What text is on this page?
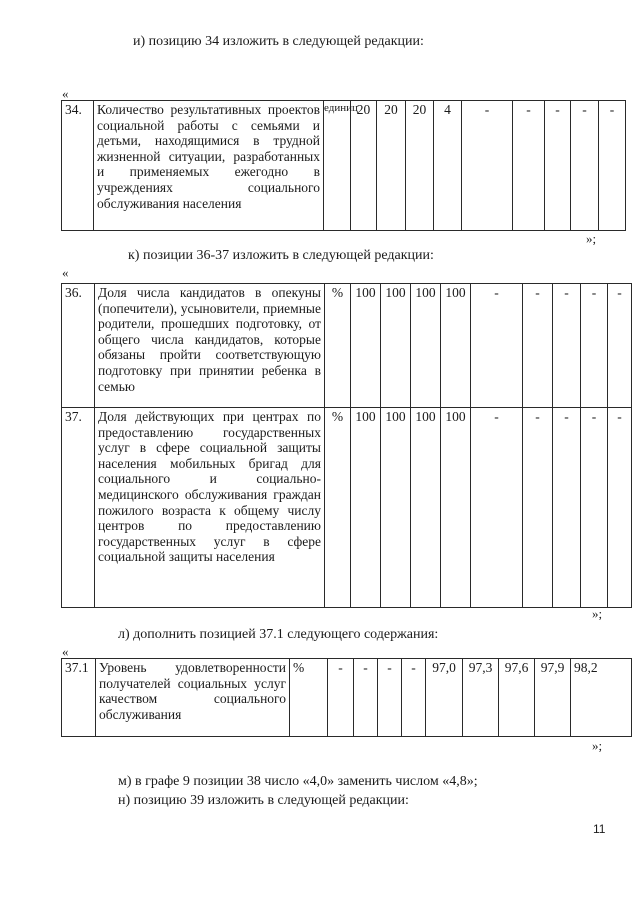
и) позицию 34 изложить в следующей редакции:
«
34.	Количество результативных проектов социальной работы с семьями и детьми, находящимися в трудной жизненной ситуации, разработанных и применяемых ежегодно в учреждениях социального обслуживания населения	единиц	20	20	20	4	-	-	-	-	-
»;
к) позиции 36-37 изложить в следующей редакции:
«
36.	Доля числа кандидатов в опекуны (попечители), усыновители, приемные родители, прошедших подготовку, от общего числа кандидатов, которые обязаны пройти соответствующую подготовку при принятии ребенка в семью	%	100	100	100	100	-	-	-	-	-
37.	Доля действующих при центрах по предоставлению государственных услуг в сфере социальной защиты населения мобильных бригад для социального и социально-медицинского обслуживания граждан пожилого возраста к общему числу центров по предоставлению государственных услуг в сфере социальной защиты населения	%	100	100	100	100	-	-	-	-	-
»;
л) дополнить позицией 37.1 следующего содержания:
«
37.1	Уровень удовлетворенности получателей социальных услуг качеством социального обслуживания	%	-	-	-	-	97,0	97,3	97,6	97,9	98,2
»;
м) в графе 9 позиции 38 число «4,0» заменить числом «4,8»;
н) позицию 39 изложить в следующей редакции:
11
